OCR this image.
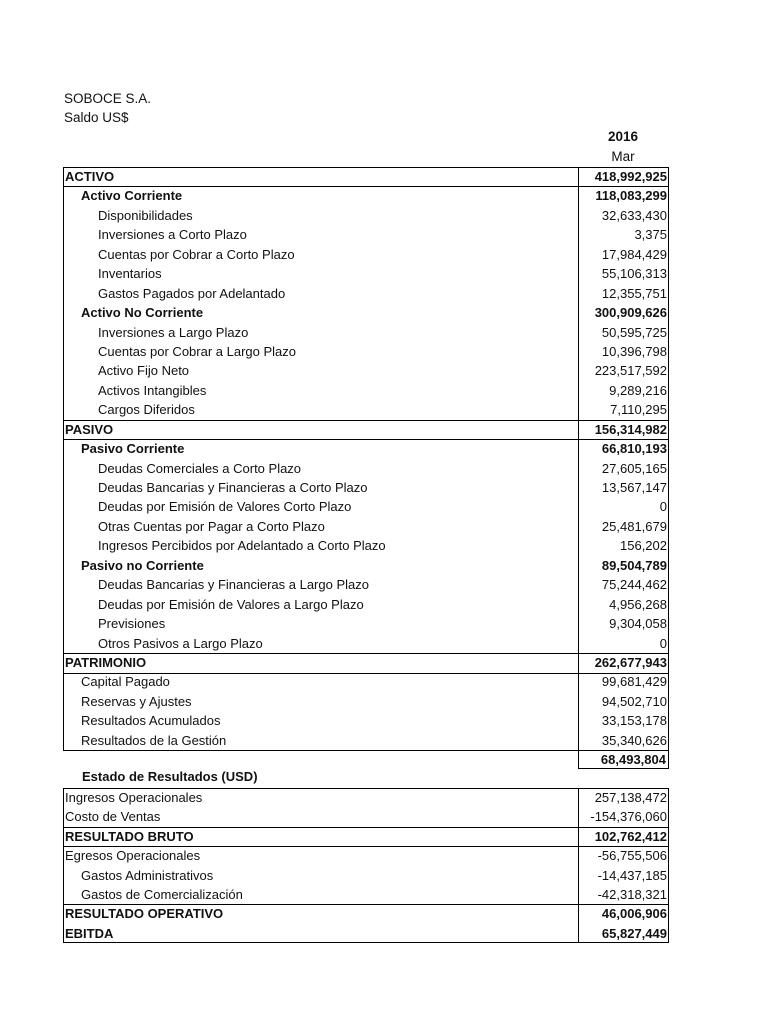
SOBOCE S.A.
Saldo US$
2016
Mar
ACTIVO	418,992,925
Activo Corriente	118,083,299
Disponibilidades	32,633,430
Inversiones a Corto Plazo	3,375
Cuentas por Cobrar a Corto Plazo	17,984,429
Inventarios	55,106,313
Gastos Pagados por Adelantado	12,355,751
Activo No Corriente	300,909,626
Inversiones a Largo Plazo	50,595,725
Cuentas por Cobrar a Largo Plazo	10,396,798
Activo Fijo Neto	223,517,592
Activos Intangibles	9,289,216
Cargos Diferidos	7,110,295
PASIVO	156,314,982
Pasivo Corriente	66,810,193
Deudas Comerciales a Corto Plazo	27,605,165
Deudas Bancarias y Financieras a Corto Plazo	13,567,147
Deudas por Emisión de Valores Corto Plazo	0
Otras Cuentas por Pagar a Corto Plazo	25,481,679
Ingresos Percibidos por Adelantado a Corto Plazo	156,202
Pasivo no Corriente	89,504,789
Deudas Bancarias y Financieras a Largo Plazo	75,244,462
Deudas por Emisión de Valores a Largo Plazo	4,956,268
Previsiones	9,304,058
Otros Pasivos a Largo Plazo	0
PATRIMONIO	262,677,943
Capital Pagado	99,681,429
Reservas y Ajustes	94,502,710
Resultados Acumulados	33,153,178
Resultados de la Gestión	35,340,626
68,493,804
Estado de Resultados (USD)
Ingresos Operacionales	257,138,472
Costo de Ventas	-154,376,060
RESULTADO BRUTO	102,762,412
Egresos Operacionales	-56,755,506
Gastos Administrativos	-14,437,185
Gastos de Comercialización	-42,318,321
RESULTADO OPERATIVO	46,006,906
EBITDA	65,827,449
